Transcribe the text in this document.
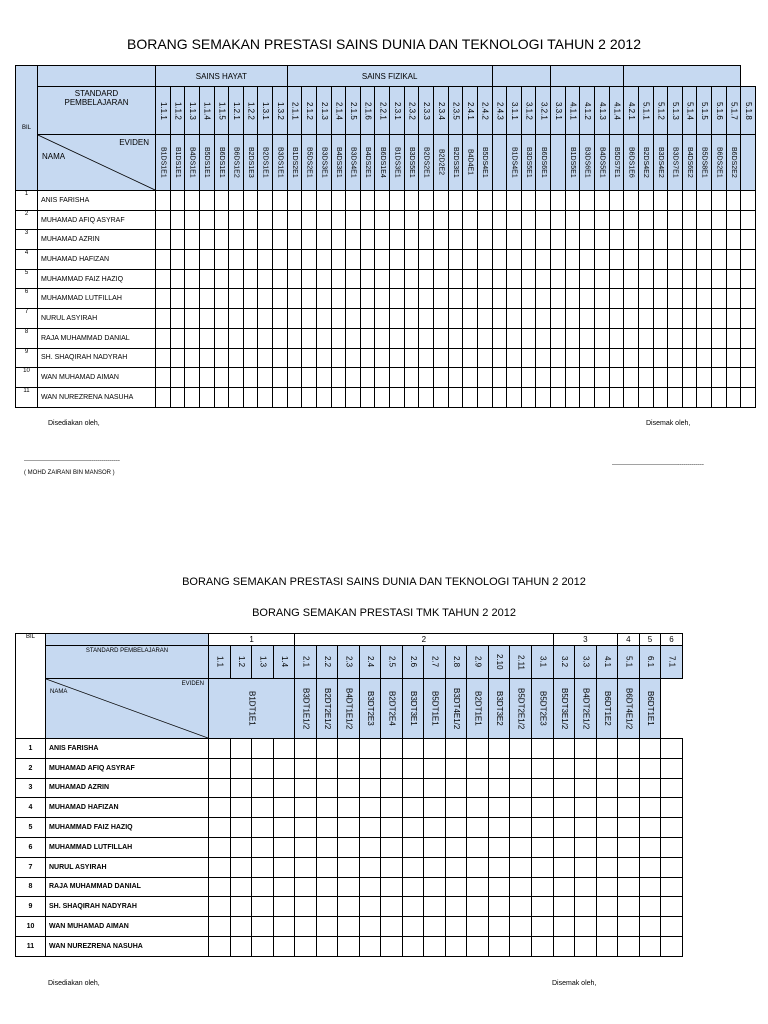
BORANG SEMAKAN PRESTASI SAINS DUNIA DAN TEKNOLOGI TAHUN 2 2012
BIL		SAINS HAYAT									SAINS FIZIKAL																															
	STANDARD
PEMBELAJARAN	1.1.1	1.1.2	1.1.3	1.1.4	1.1.5	1.2.1	1.2.2	1.3.1	1.3.2	2.1.1	2.1.2	2.1.3	2.1.4	2.1.5	2.1.6	2.2.1	2.3.1	2.3.2	2.3.3	2.3.4	2.3.5	2.4.1	2.4.2	2.4.3	3.1.1	3.1.2	3.2.1	3.3.1	4.1.1	4.1.2	4.1.3	4.1.4	4.2.1	5.1.1	5.1.2	5.1.3	5.1.4	5.1.5	5.1.6	5.1.7	5.1.8

	EVIDEN
NAMA	B1DS1E1	B1DS1E1	B4DS1E1	B5DS1E1	B6DS1E1	B6DS1E2	B2DS1E3	B2DS1E1	B3DS1E1	B1DS2E1	B5DS2E1	B3DS3E1	B4DS3E1	B3DS4E1	B4DS2E1	B6DS1E4	B1DS3E1	B3DS5E1	B2DS2E1	B2D2E2	B2DS3E1	B4D4E1	B5DS4E1		B1DS4E1	B3DS5E1	B6DS6E1		B1DS5E1	B3DS6E1	B4DS5E1	B5DS7E1	B6DS1E6	B2DS4E2	B3DS4E2	B3DS7E1	B4DS6E2	B5DS8E1	B6DS2E1	B6DS2E2	

1	ANIS FARISHA																																									
2	MUHAMAD AFIQ ASYRAF																																									
3	MUHAMAD AZRIN																																									
4	MUHAMAD HAFIZAN																																									
5	MUHAMMAD FAIZ HAZIQ																																									
6	MUHAMMAD LUTFILLAH																																									
7	NURUL ASYIRAH																																									
8	RAJA MUHAMMAD DANIAL																																									
9	SH. SHAQIRAH NADYRAH																																									
10	WAN MUHAMAD AIMAN																																									
11	WAN NUREZRENA NASUHA																																									
Disediakan oleh,	Disemak oleh,
------------------------------------------------
( MOHD ZAIRANI BIN MANSOR )
----------------------------------------------
BORANG SEMAKAN PRESTASI SAINS DUNIA DAN TEKNOLOGI TAHUN 2 2012
BORANG SEMAKAN PRESTASI TMK TAHUN 2 2012
BIL		1				2												3			4	5	6	
	STANDARD PEMBELAJARAN	1.1	1.2	1.3	1.4	2.1	2.2	2.3	2.4	2.5	2.6	2.7	2.8	2.9	2.10	2.11	3.1	3.2	3.3	4.1	5.1	6.1	7.1	

	EVIDEN
NAMA	B1DT1E1				B3DT1E1/2	B2DT2E1/2	B4DT1E1/2	B3DT2E3	B2DT2E4	B3DT3E1	B5DT1E1	B3DT4E1/2	B2DT1E1	B3DT3E2	B5DT2E1/2	B5DT2E3	B5DT3E1/2	B4DT2E1/2	B6DT1E2	B6DT4E1/2	B6DT1E1		

1	ANIS FARISHA																							
2	MUHAMAD AFIQ ASYRAF																							
3	MUHAMAD AZRIN																							
4	MUHAMAD HAFIZAN																							
5	MUHAMMAD FAIZ HAZIQ																							
6	MUHAMMAD LUTFILLAH																							
7	NURUL ASYIRAH																							
8	RAJA MUHAMMAD DANIAL																							
9	SH. SHAQIRAH NADYRAH																							
10	WAN MUHAMAD AIMAN																							
11	WAN NUREZRENA NASUHA																							
Disediakan oleh,	Disemak oleh,
